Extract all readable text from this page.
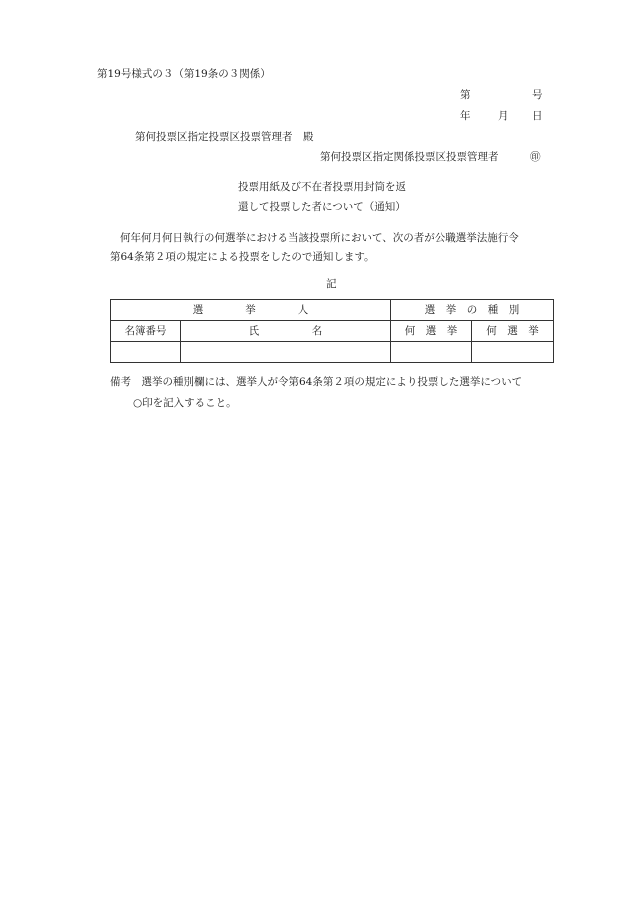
第19号様式の３（第19条の３関係）
第	号
年	月 日
第何投票区指定投票区投票管理者　殿
第何投票区指定関係投票区投票管理者	㊞
投票用紙及び不在者投票用封筒を返
還して投票した者について（通知）
何年何月何日執行の何選挙における当該投票所において、次の者が公職選挙法施行令
第64条第２項の規定による投票をしたので通知します。
記
選　　　　挙　　　　人		選　挙　の　種　別	
名簿番号	氏　　　　　名	何　選　挙	何　選　挙

備考　選挙の種別欄には、選挙人が令第64条第２項の規定により投票した選挙について
○印を記入すること。
